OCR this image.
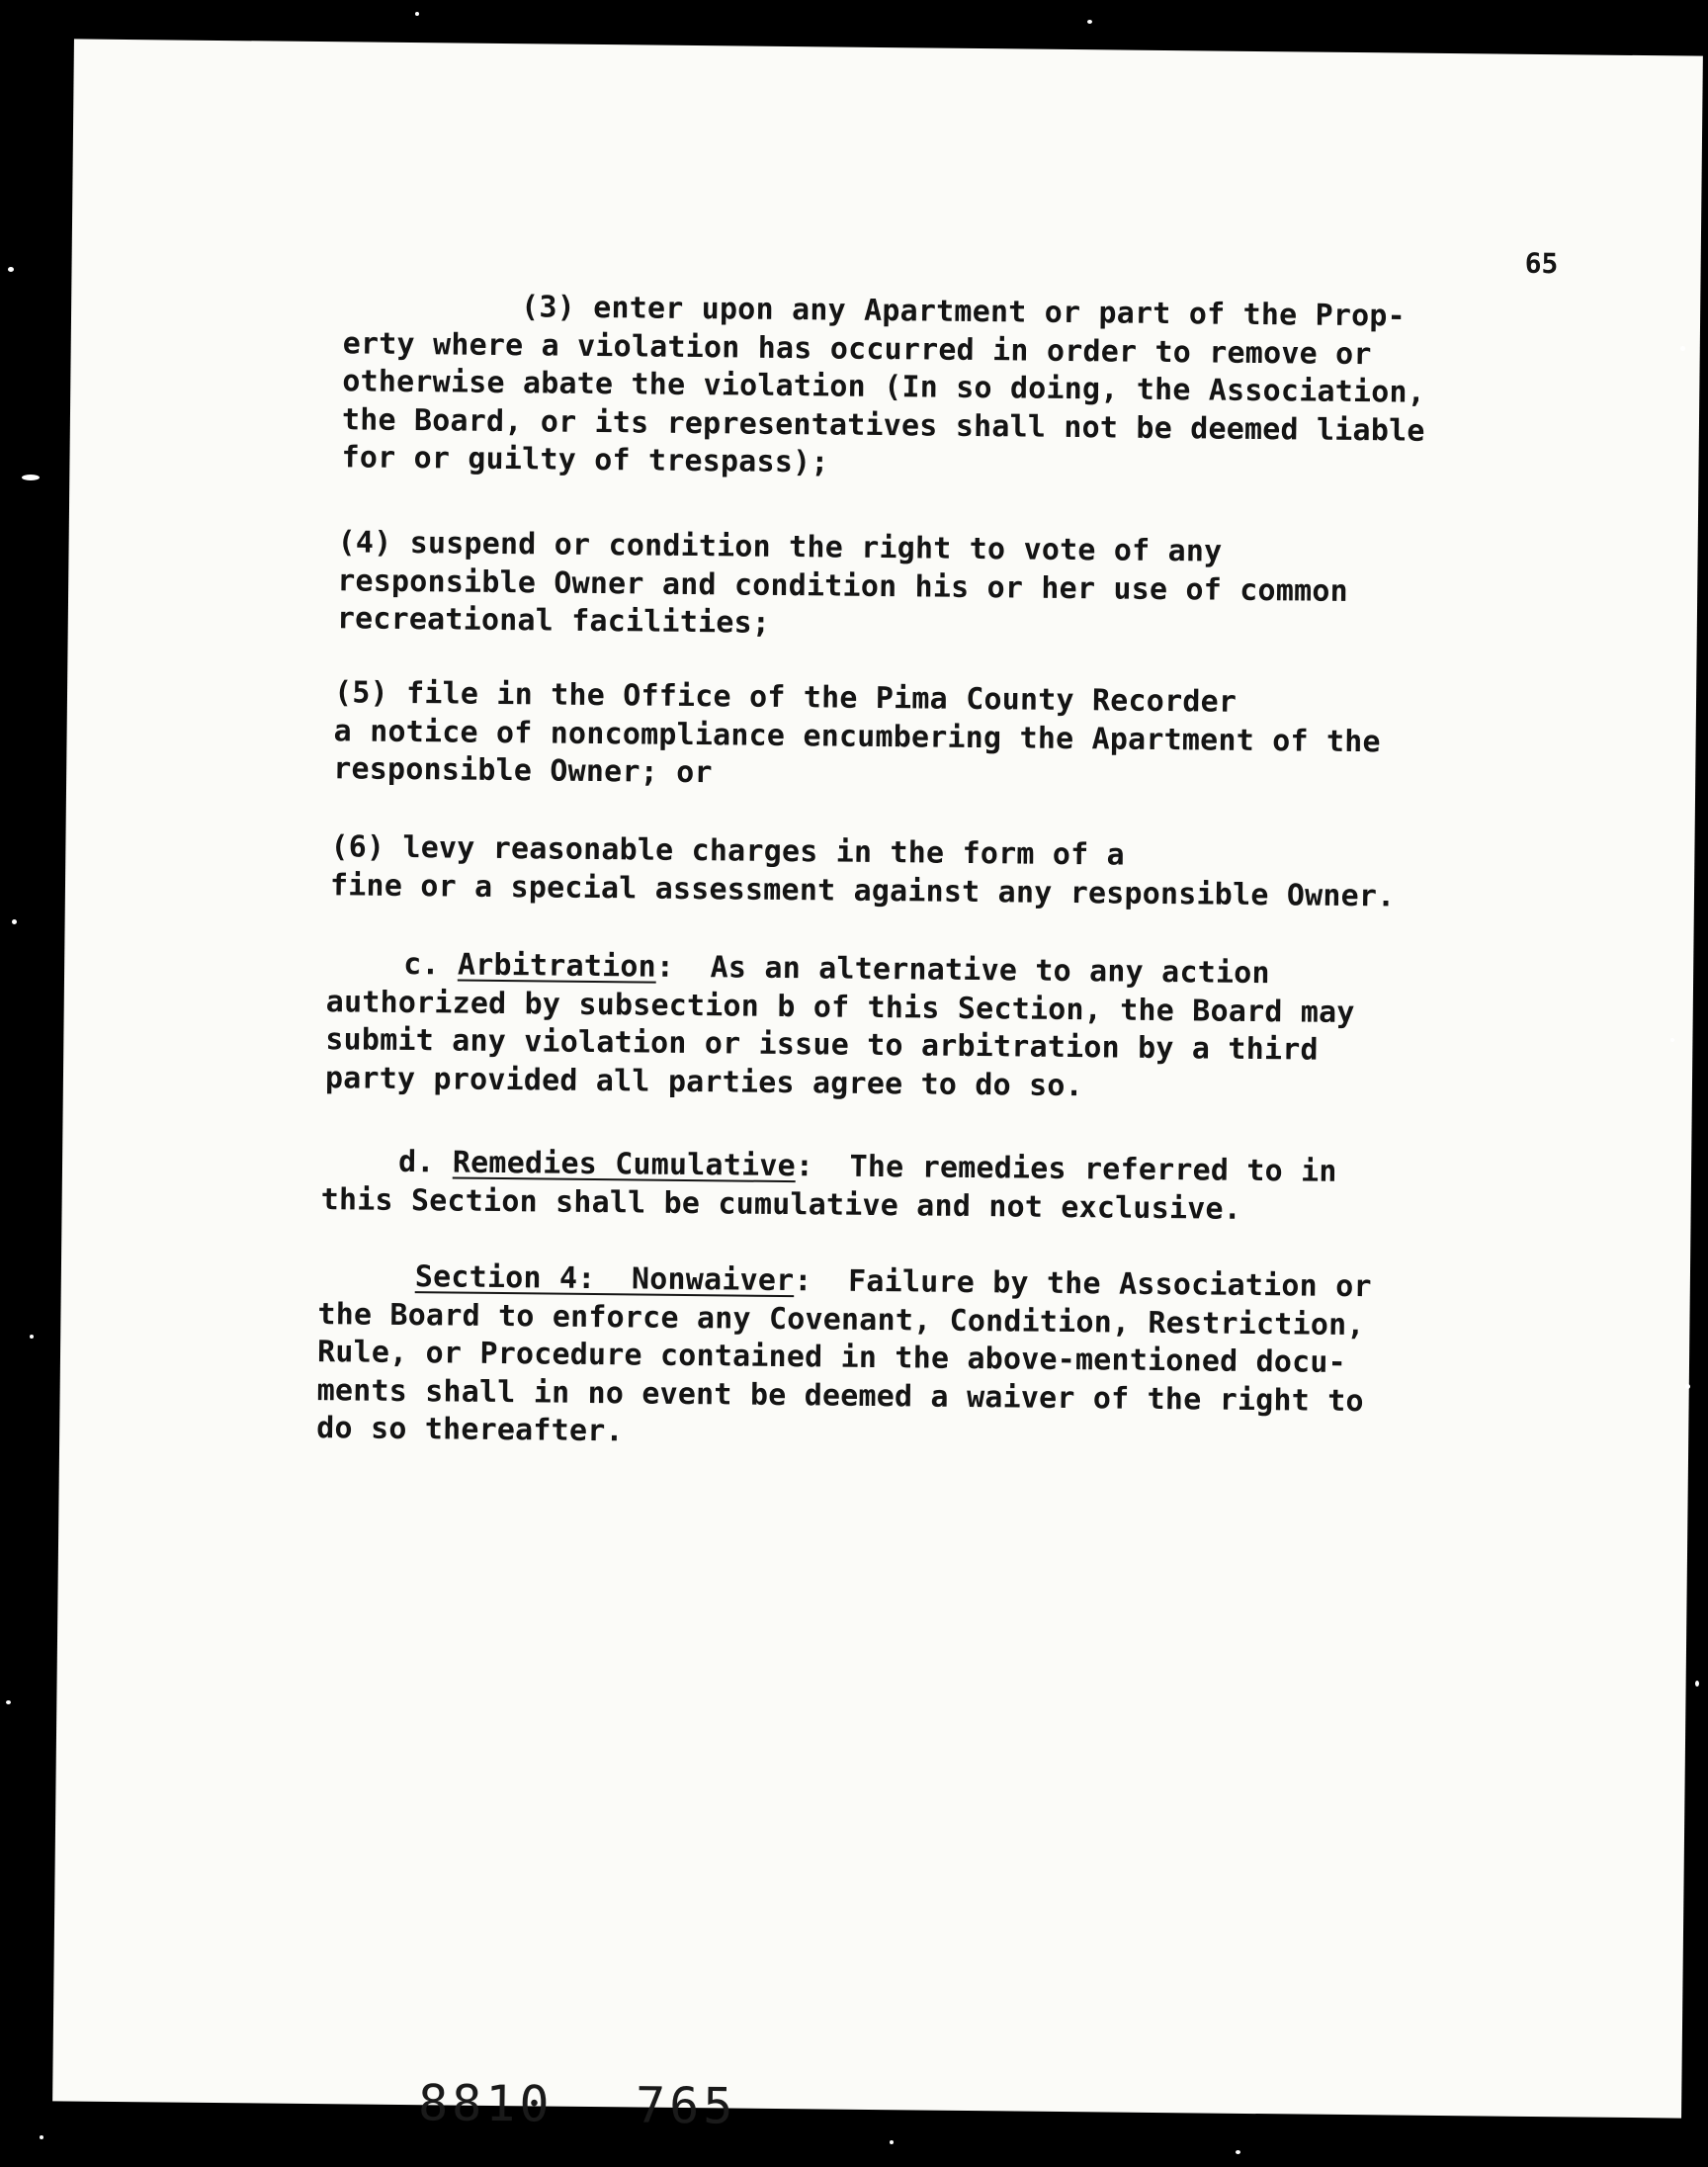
65

(3) enter upon any Apartment or part of the Prop-
erty where a violation has occurred in order to remove or
otherwise abate the violation (In so doing, the Association,
the Board, or its representatives shall not be deemed liable
for or guilty of trespass);

(4) suspend or condition the right to vote of any
responsible Owner and condition his or her use of common
recreational facilities;

(5) file in the Office of the Pima County Recorder
a notice of noncompliance encumbering the Apartment of the
responsible Owner; or

(6) levy reasonable charges in the form of a
fine or a special assessment against any responsible Owner.

c. Arbitration:  As an alternative to any action
authorized by subsection b of this Section, the Board may
submit any violation or issue to arbitration by a third
party provided all parties agree to do so.

d. Remedies Cumulative:  The remedies referred to in
this Section shall be cumulative and not exclusive.

Section 4:  Nonwaiver:  Failure by the Association or
the Board to enforce any Covenant, Condition, Restriction,
Rule, or Procedure contained in the above-mentioned docu-
ments shall in no event be deemed a waiver of the right to
do so thereafter.

8810 765
